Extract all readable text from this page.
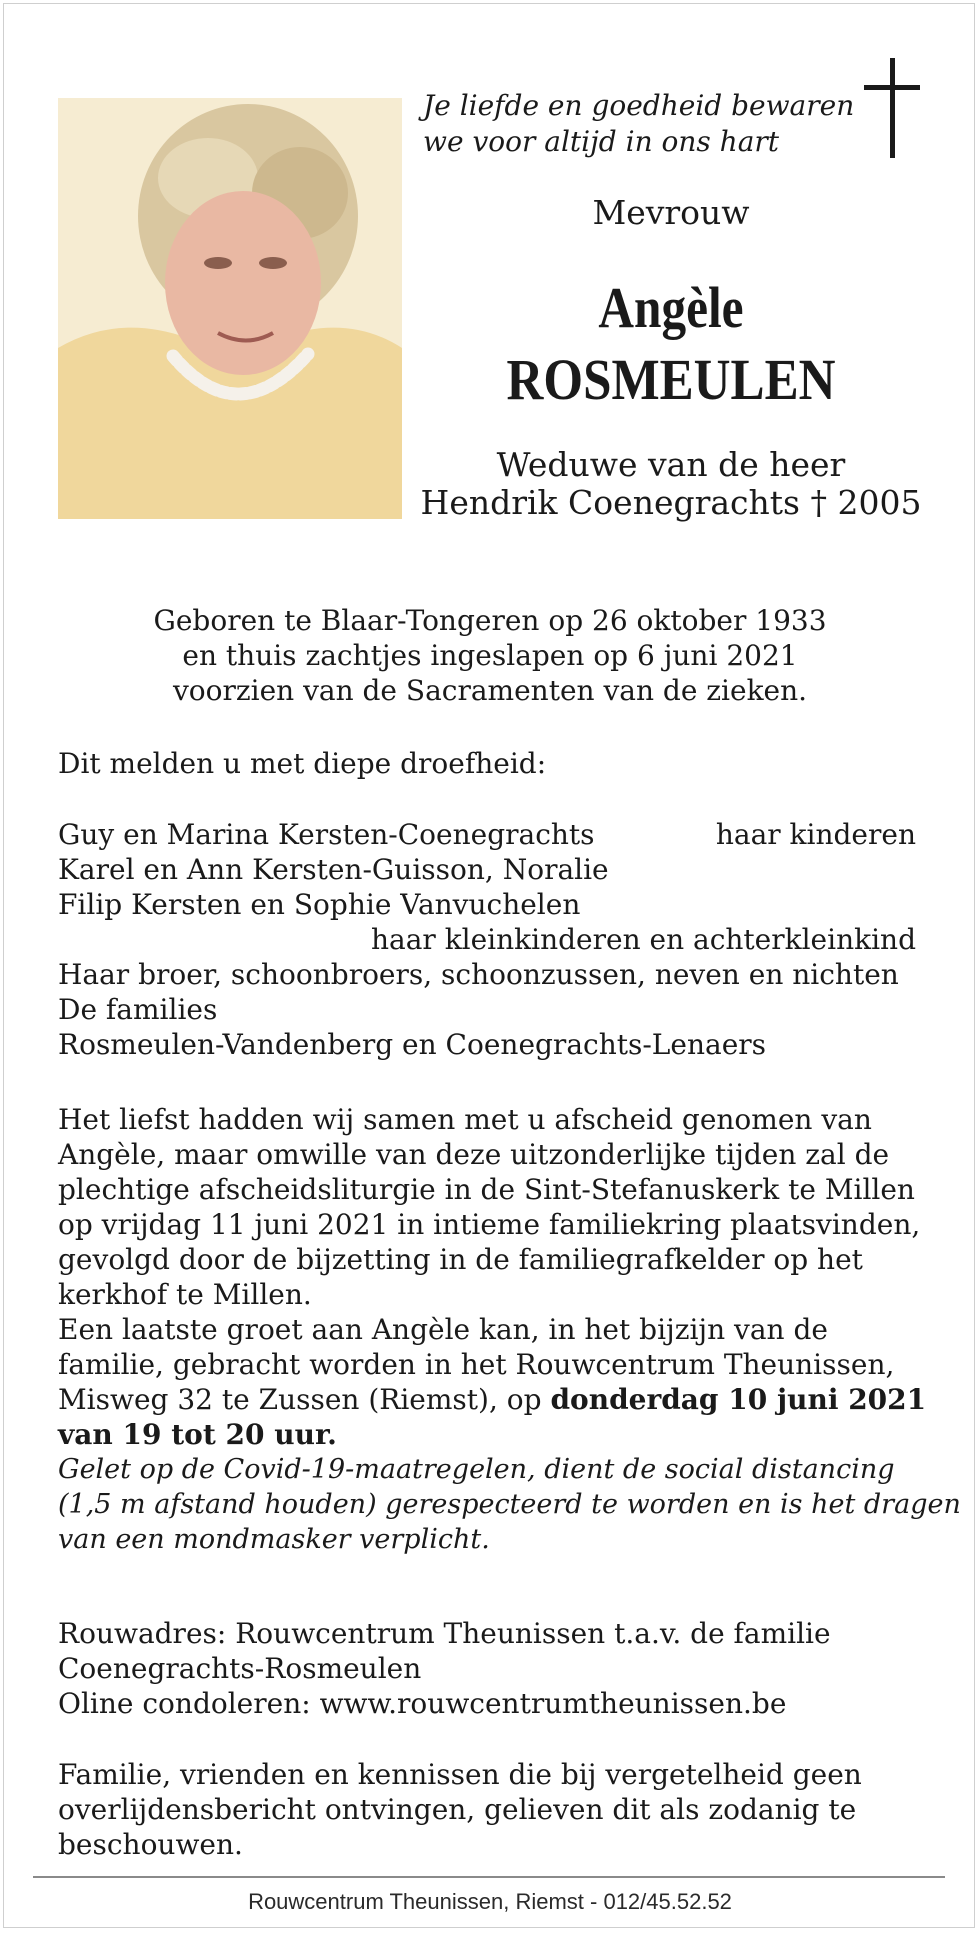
Je liefde en goedheid bewaren
we voor altijd in ons hart
Mevrouw
Angèle
ROSMEULEN
Weduwe van de heer
Hendrik Coenegrachts † 2005
Geboren te Blaar-Tongeren op 26 oktober 1933
en thuis zachtjes ingeslapen op 6 juni 2021
voorzien van de Sacramenten van de zieken.
Dit melden u met diepe droefheid:
Guy en Marina Kersten-Coenegrachts	haar kinderen
Karel en Ann Kersten-Guisson, Noralie
Filip Kersten en Sophie Vanvuchelen
haar kleinkinderen en achterkleinkind
Haar broer, schoonbroers, schoonzussen, neven en nichten
De families
Rosmeulen-Vandenberg en Coenegrachts-Lenaers
Het liefst hadden wij samen met u afscheid genomen van
Angèle, maar omwille van deze uitzonderlijke tijden zal de
plechtige afscheidsliturgie in de Sint-Stefanuskerk te Millen
op vrijdag 11 juni 2021 in intieme familiekring plaatsvinden,
gevolgd door de bijzetting in de familiegrafkelder op het
kerkhof te Millen.
Een laatste groet aan Angèle kan, in het bijzijn van de
familie, gebracht worden in het Rouwcentrum Theunissen,
Misweg 32 te Zussen (Riemst), op donderdag 10 juni 2021
van 19 tot 20 uur.
Gelet op de Covid-19-maatregelen, dient de social distancing
(1,5 m afstand houden) gerespecteerd te worden en is het dragen
van een mondmasker verplicht.
Rouwadres: Rouwcentrum Theunissen t.a.v. de familie
Coenegrachts-Rosmeulen
Oline condoleren: www.rouwcentrumtheunissen.be
Familie, vrienden en kennissen die bij vergetelheid geen
overlijdensbericht ontvingen, gelieven dit als zodanig te
beschouwen.
Rouwcentrum Theunissen, Riemst - 012/45.52.52
